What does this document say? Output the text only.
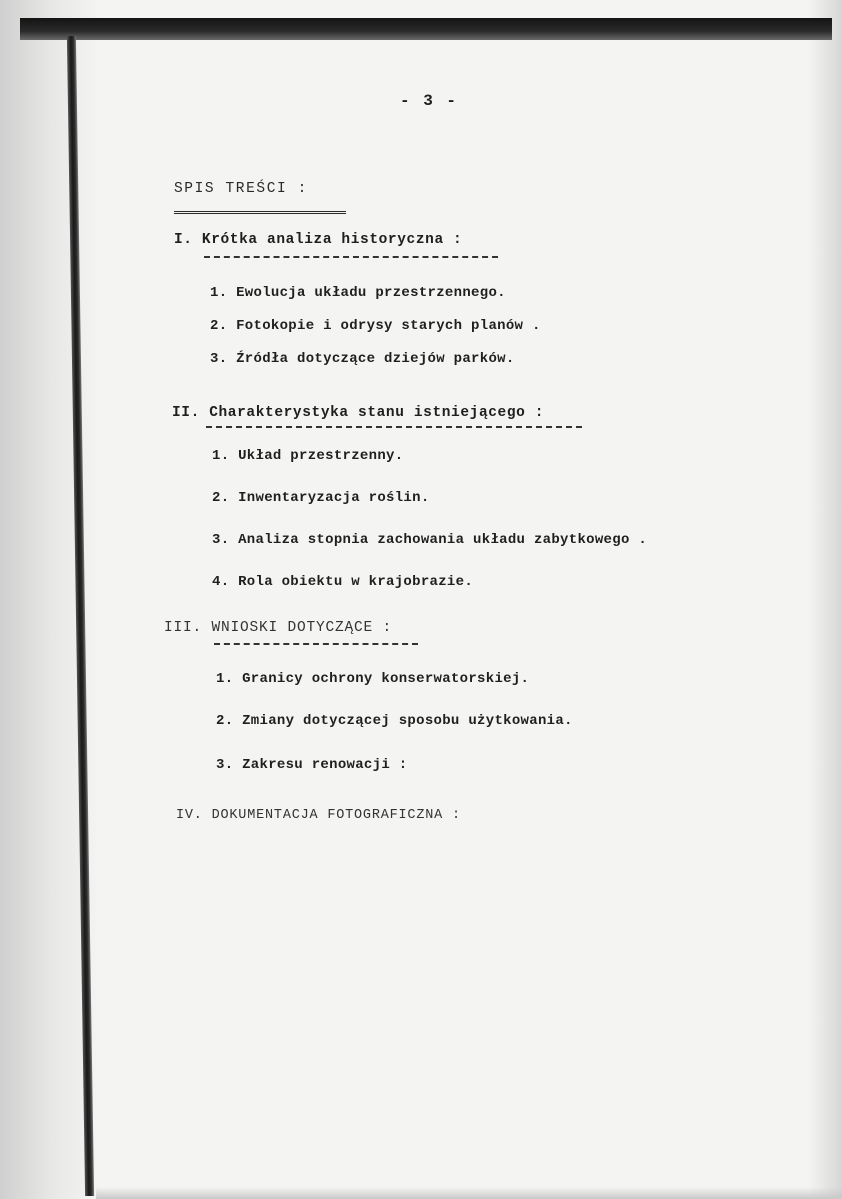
- 3 -
SPIS TREŚCI :
I. Krótka analiza historyczna :
1. Ewolucja układu przestrzennego.
2. Fotokopie i odrysy starych planów .
3. Źródła dotyczące dziejów parków.
II. Charakterystyka stanu istniejącego :
1. Układ przestrzenny.
2. Inwentaryzacja roślin.
3. Analiza stopnia zachowania układu zabytkowego .
4. Rola obiektu w krajobrazie.
III. WNIOSKI DOTYCZĄCE :
1. Granicy ochrony konserwatorskiej.
2. Zmiany dotyczącej sposobu użytkowania.
3. Zakresu renowacji :
IV. DOKUMENTACJA FOTOGRAFICZNA :
